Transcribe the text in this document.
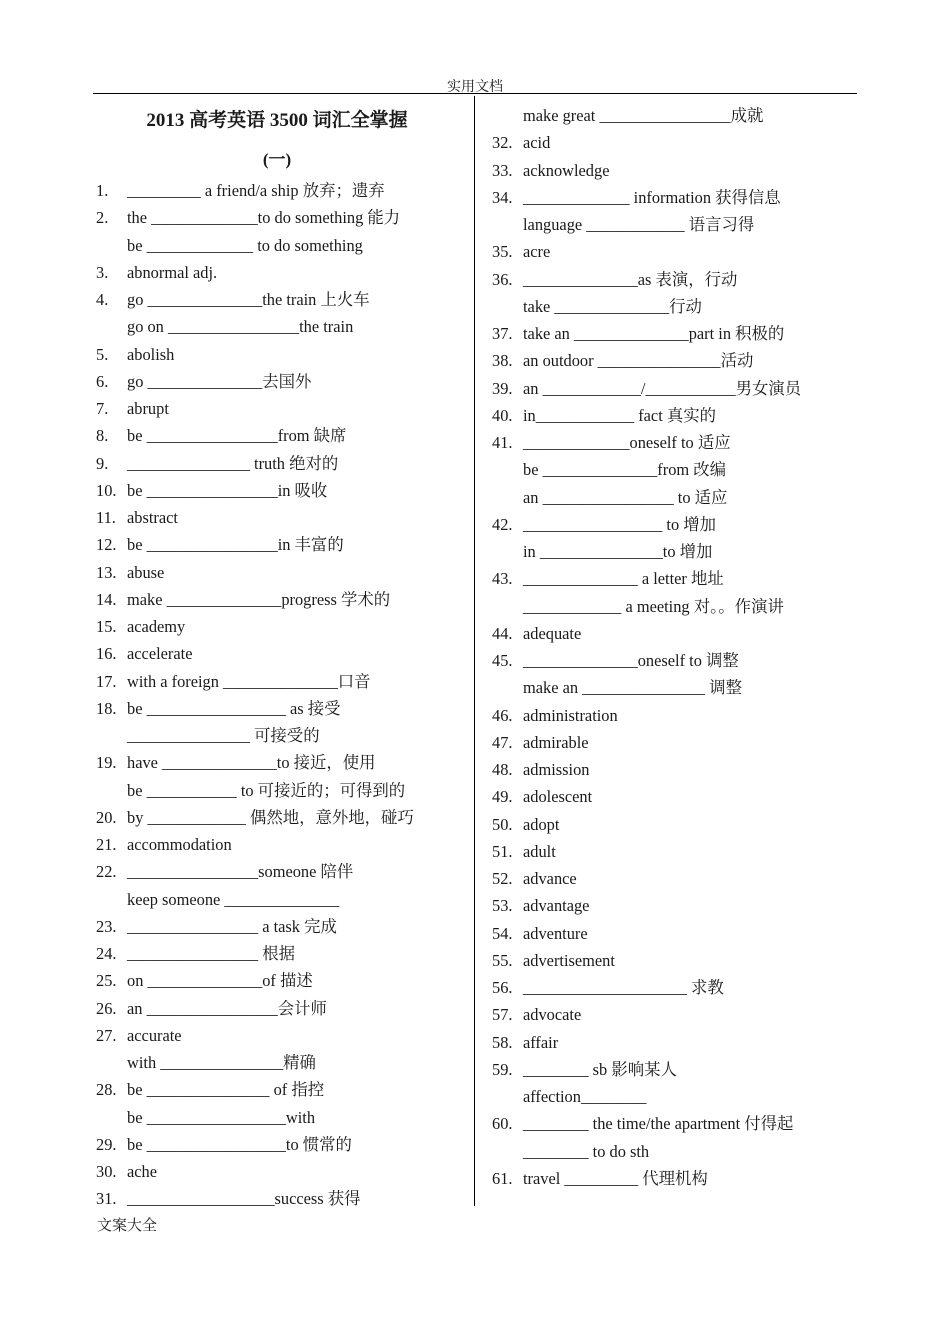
实用文档
2013 高考英语 3500 词汇全掌握
(一)
1. _________ a friend/a ship 放弃；遗弃
2. the _____________to do something 能力
be _____________ to do something
3. abnormal adj.
4. go ______________the train 上火车
go on ________________the train
5. abolish
6. go ______________去国外
7. abrupt
8. be ________________from 缺席
9. _______________ truth 绝对的
10. be ________________in 吸收
11. abstract
12. be ________________in 丰富的
13. abuse
14. make ______________progress 学术的
15. academy
16. accelerate
17. with a foreign ______________口音
18. be _________________ as 接受
_______________ 可接受的
19. have ______________to 接近，使用
be ___________ to 可接近的；可得到的
20. by ____________ 偶然地，意外地，碰巧
21. accommodation
22. ________________someone 陪伴
keep someone ______________
23. ________________ a task 完成
24. ________________ 根据
25. on ______________of 描述
26. an ________________会计师
27. accurate
with _______________精确
28. be _______________ of 指控
be _________________with
29. be _________________to 惯常的
30. ache
31. __________________success 获得
make great ________________成就
32. acid
33. acknowledge
34. _____________ information 获得信息
language ____________ 语言习得
35. acre
36. ______________as 表演，行动
take ______________行动
37. take an ______________part in 积极的
38. an outdoor _______________活动
39. an ____________/___________男女演员
40. in____________ fact 真实的
41. _____________oneself to 适应
be ______________from 改编
an ________________ to 适应
42. _________________ to 增加
in _______________to 增加
43. ______________ a letter 地址
____________ a meeting 对。。作演讲
44. adequate
45. ______________oneself to 调整
make an _______________ 调整
46. administration
47. admirable
48. admission
49. adolescent
50. adopt
51. adult
52. advance
53. advantage
54. adventure
55. advertisement
56. ____________________ 求教
57. advocate
58. affair
59. ________ sb 影响某人
affection________
60. ________ the time/the apartment 付得起
________ to do sth
61. travel _________ 代理机构
文案大全
